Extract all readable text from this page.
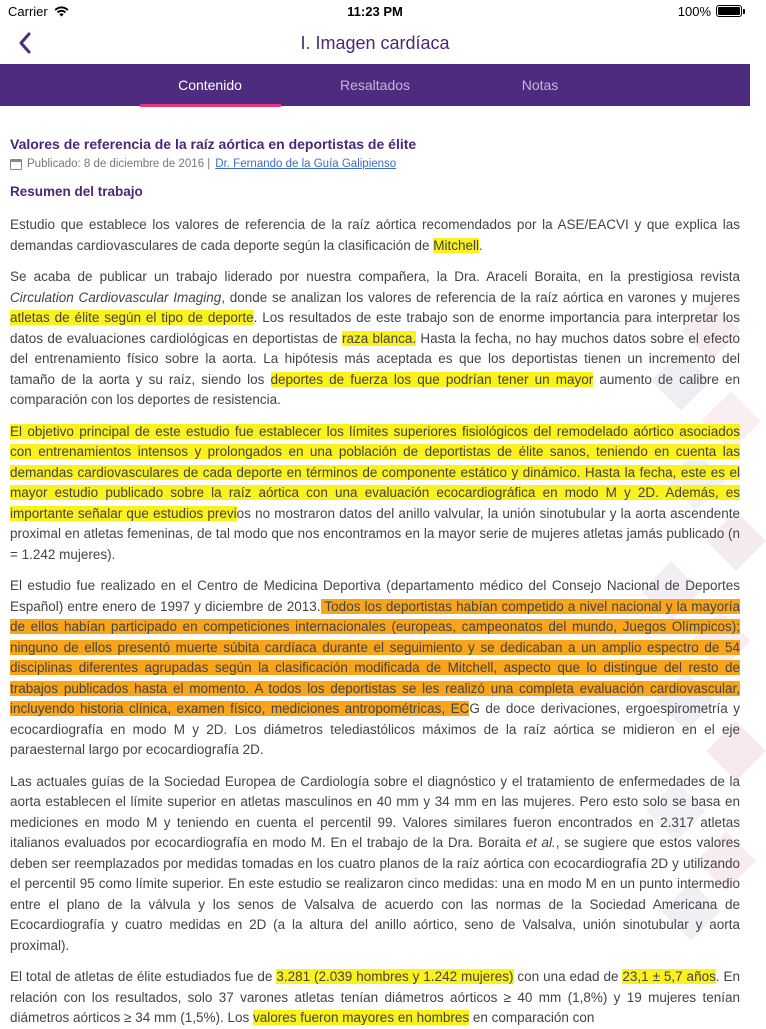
Carrier	11:23 PM	100%
I. Imagen cardíaca
Contenido	Resaltados	Notas
Valores de referencia de la raíz aórtica en deportistas de élite
Publicado: 8 de diciembre de 2016 | Dr. Fernando de la Guía Galipienso
Resumen del trabajo

Estudio que establece los valores de referencia de la raíz aórtica recomendados por la ASE/EACVI y que explica las demandas cardiovasculares de cada deporte según la clasificación de Mitchell.

Se acaba de publicar un trabajo liderado por nuestra compañera, la Dra. Araceli Boraita, en la prestigiosa revista Circulation Cardiovascular Imaging, donde se analizan los valores de referencia de la raíz aórtica en varones y mujeres atletas de élite según el tipo de deporte. Los resultados de este trabajo son de enorme importancia para interpretar los datos de evaluaciones cardiológicas en deportistas de raza blanca. Hasta la fecha, no hay muchos datos sobre el efecto del entrenamiento físico sobre la aorta. La hipótesis más aceptada es que los deportistas tienen un incremento del tamaño de la aorta y su raíz, siendo los deportes de fuerza los que podrían tener un mayor aumento de calibre en comparación con los deportes de resistencia.

El objetivo principal de este estudio fue establecer los límites superiores fisiológicos del remodelado aórtico asociados con entrenamientos intensos y prolongados en una población de deportistas de élite sanos, teniendo en cuenta las demandas cardiovasculares de cada deporte en términos de componente estático y dinámico. Hasta la fecha, este es el mayor estudio publicado sobre la raíz aórtica con una evaluación ecocardiográfica en modo M y 2D. Además, es importante señalar que estudios previos no mostraron datos del anillo valvular, la unión sinotubular y la aorta ascendente proximal en atletas femeninas, de tal modo que nos encontramos en la mayor serie de mujeres atletas jamás publicado (n = 1.242 mujeres).

El estudio fue realizado en el Centro de Medicina Deportiva (departamento médico del Consejo Nacional de Deportes Español) entre enero de 1997 y diciembre de 2013. Todos los deportistas habían competido a nivel nacional y la mayoría de ellos habían participado en competiciones internacionales (europeas, campeonatos del mundo, Juegos Olímpicos); ninguno de ellos presentó muerte súbita cardíaca durante el seguimiento y se dedicaban a un amplio espectro de 54 disciplinas diferentes agrupadas según la clasificación modificada de Mitchell, aspecto que lo distingue del resto de trabajos publicados hasta el momento. A todos los deportistas se les realizó una completa evaluación cardiovascular, incluyendo historia clínica, examen físico, mediciones antropométricas, ECG de doce derivaciones, ergoespirometría y ecocardiografía en modo M y 2D. Los diámetros telediastólicos máximos de la raíz aórtica se midieron en el eje paraesternal largo por ecocardiografía 2D.

Las actuales guías de la Sociedad Europea de Cardiología sobre el diagnóstico y el tratamiento de enfermedades de la aorta establecen el límite superior en atletas masculinos en 40 mm y 34 mm en las mujeres. Pero esto solo se basa en mediciones en modo M y teniendo en cuenta el percentil 99. Valores similares fueron encontrados en 2.317 atletas italianos evaluados por ecocardiografía en modo M. En el trabajo de la Dra. Boraita et al., se sugiere que estos valores deben ser reemplazados por medidas tomadas en los cuatro planos de la raíz aórtica con ecocardiografía 2D y utilizando el percentil 95 como límite superior. En este estudio se realizaron cinco medidas: una en modo M en un punto intermedio entre el plano de la válvula y los senos de Valsalva de acuerdo con las normas de la Sociedad Americana de Ecocardiografía y cuatro medidas en 2D (a la altura del anillo aórtico, seno de Valsalva, unión sinotubular y aorta proximal).

El total de atletas de élite estudiados fue de 3.281 (2.039 hombres y 1.242 mujeres) con una edad de 23,1 ± 5,7 años. En relación con los resultados, solo 37 varones atletas tenían diámetros aórticos ≥ 40 mm (1,8%) y 19 mujeres tenían diámetros aórticos ≥ 34 mm (1,5%). Los valores fueron mayores en hombres en comparación con
